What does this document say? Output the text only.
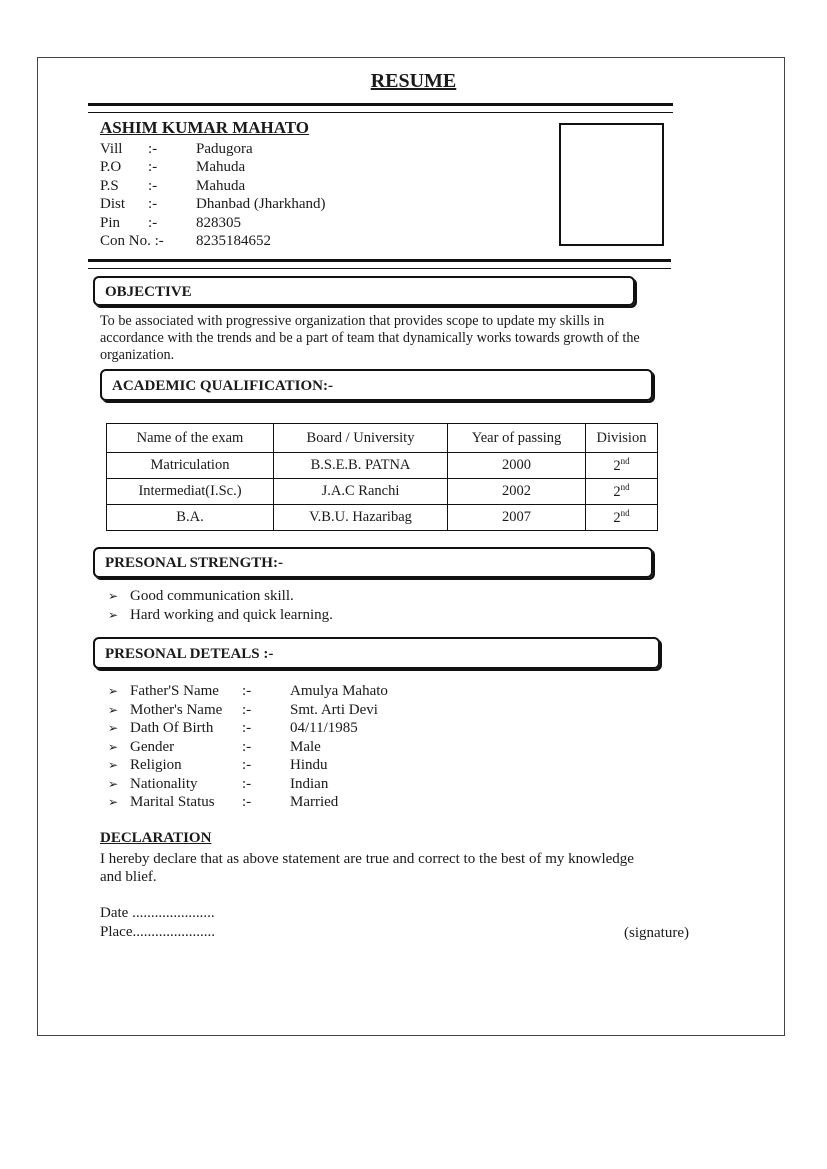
RESUME
ASHIM KUMAR MAHATO
Vill :-	Padugora
P.O :-	Mahuda
P.S :-	Mahuda
Dist :-	Dhanbad (Jharkhand)
Pin :-	828305
Con No. :- 8235184652
OBJECTIVE
To be associated with progressive organization that provides scope to update my skills in
accordance with the trends and be a part of team that dynamically works towards growth of the
organization.
ACADEMIC QUALIFICATION:-
Name of the exam	Board / University	Year of passing	Division
Matriculation	B.S.E.B. PATNA	2000	2nd
Intermediat(I.Sc.)	J.A.C Ranchi	2002	2nd
B.A.	V.B.U. Hazaribag	2007	2nd
PRESONAL STRENGTH:-
➢ Good communication skill.
➢ Hard working and quick learning.
PRESONAL DETEALS :-
➢ Father'S Name :-	Amulya Mahato
➢ Mother's Name :-	Smt. Arti Devi
➢ Dath Of Birth :-	04/11/1985
➢ Gender	:-	Male
➢ Religion	:-	Hindu
➢ Nationality	:-	Indian
➢ Marital Status :-	Married
DECLARATION
I hereby declare that as above statement are true and correct to the best of my knowledge
and blief.
Date ......................
Place......................	(signature)
